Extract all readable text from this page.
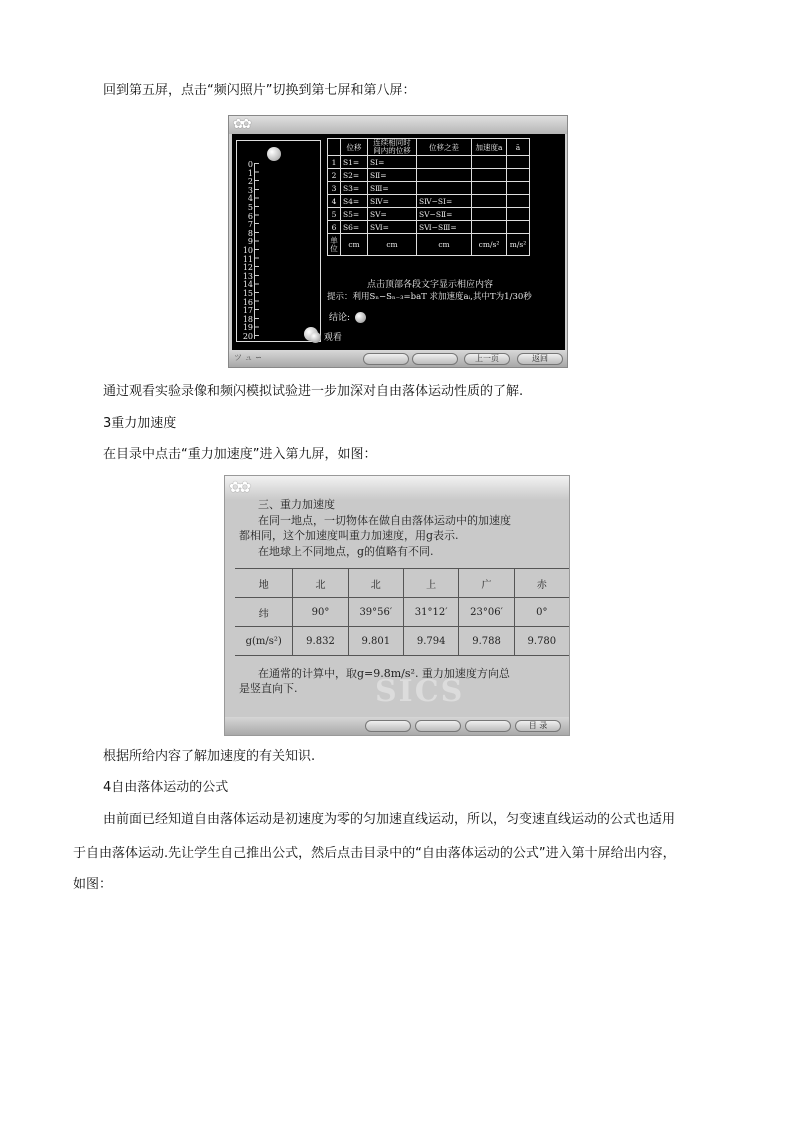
回到第五屏，点击“频闪照片”切换到第七屏和第八屏：

✿✿
0
1
2
3
4
5
6
7
8
9
10
11
12
13
14
15
16
17
18
19
20
	位移	连续相同时间内的位移	位移之差	加速度a	ā
1	S1=	SⅠ=			
2	S2=	SⅡ=			
3	S3=	SⅢ=			
4	S4=	SⅣ=	SⅣ−SⅠ=		
5	S5=	SⅤ=	SⅤ−SⅡ=		
6	S6=	SⅥ=	SⅥ−SⅢ=		
单位	cm	cm	cm	cm/s²	m/s²
点击顶部各段文字显示相应内容
提示：利用Sₙ−Sₙ₋₃=baT 求加速度aᵢ,其中T为1/30秒
结论:
观看
ツ ュ ∽	上一页	返回

通过观看实验录像和频闪模拟试验进一步加深对自由落体运动性质的了解.

3重力加速度

在目录中点击“重力加速度”进入第九屏，如图：

✿✿
SICS
三、重力加速度
在同一地点，一切物体在做自由落体运动中的加速度
都相同，这个加速度叫重力加速度，用g表示.
在地球上不同地点，g的值略有不同.
地	北	北	上	广	赤
纬	90°	39°56′	31°12′	23°06′	0°
g(m/s²)	9.832	9.801	9.794	9.788	9.780
在通常的计算中，取g=9.8m/s². 重力加速度方向总
是竖直向下.
目 录

根据所给内容了解加速度的有关知识.

4自由落体运动的公式

由前面已经知道自由落体运动是初速度为零的匀加速直线运动，所以，匀变速直线运动的公式也适用

于自由落体运动.先让学生自己推出公式，然后点击目录中的“自由落体运动的公式”进入第十屏给出内容，

如图：
